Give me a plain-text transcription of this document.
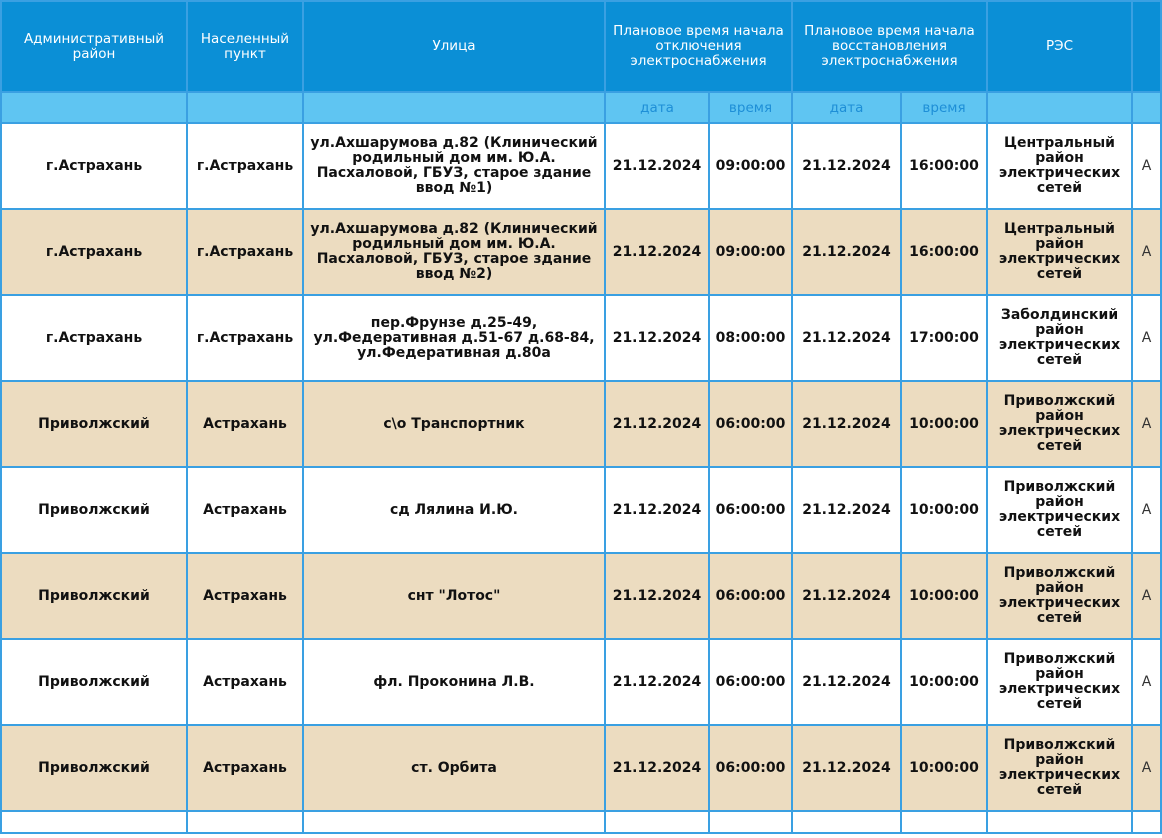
Административный район	Населенный пункт	Улица	Плановое время начала отключения электроснабжения		Плановое время начала восстановления электроснабжения		РЭС	
			дата	время	дата	время		
г.Астрахань	г.Астрахань	ул.Ахшарумова д.82 (Клинический родильный дом им. Ю.А. Пасхаловой, ГБУЗ, старое здание ввод №1)	21.12.2024	09:00:00	21.12.2024	16:00:00	Центральный район электрических сетей	А
г.Астрахань	г.Астрахань	ул.Ахшарумова д.82 (Клинический родильный дом им. Ю.А. Пасхаловой, ГБУЗ, старое здание ввод №2)	21.12.2024	09:00:00	21.12.2024	16:00:00	Центральный район электрических сетей	А
г.Астрахань	г.Астрахань	пер.Фрунзе д.25-49, ул.Федеративная д.51-67 д.68-84, ул.Федеративная д.80а	21.12.2024	08:00:00	21.12.2024	17:00:00	Заболдинский район электрических сетей	А
Приволжский	Астрахань	с\о Транспортник	21.12.2024	06:00:00	21.12.2024	10:00:00	Приволжский район электрических сетей	А
Приволжский	Астрахань	сд Лялина И.Ю.	21.12.2024	06:00:00	21.12.2024	10:00:00	Приволжский район электрических сетей	А
Приволжский	Астрахань	снт "Лотос"	21.12.2024	06:00:00	21.12.2024	10:00:00	Приволжский район электрических сетей	А
Приволжский	Астрахань	фл. Проконина Л.В.	21.12.2024	06:00:00	21.12.2024	10:00:00	Приволжский район электрических сетей	А
Приволжский	Астрахань	ст. Орбита	21.12.2024	06:00:00	21.12.2024	10:00:00	Приволжский район электрических сетей	А
